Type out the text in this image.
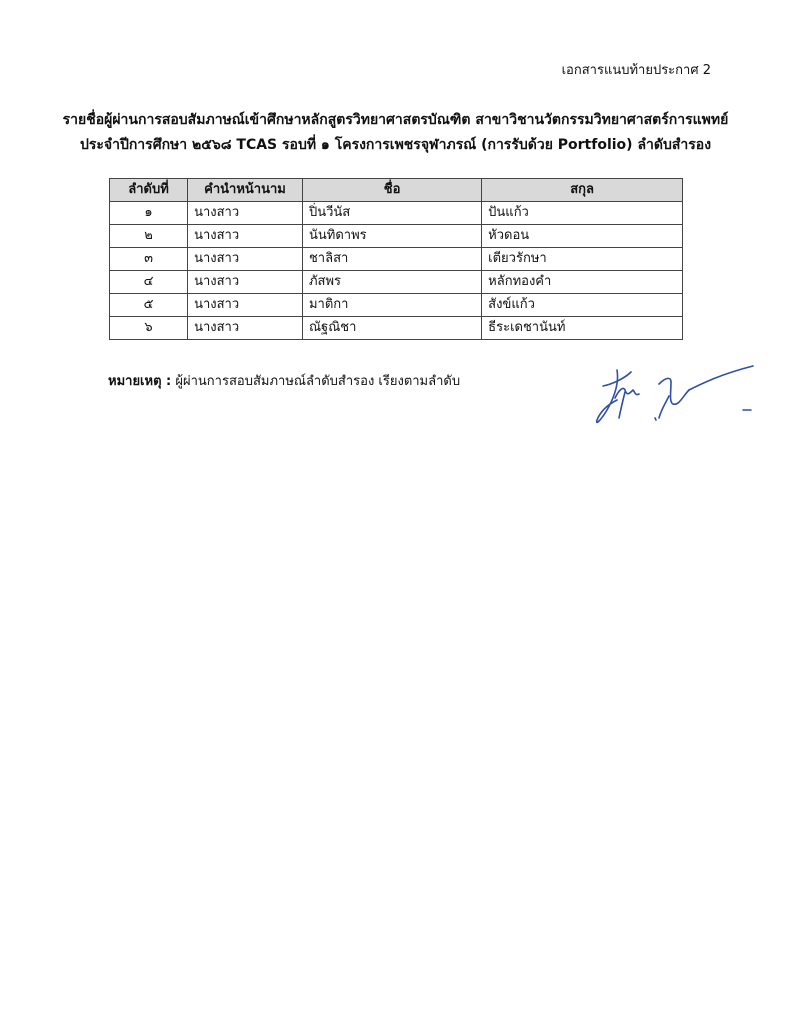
เอกสารแนบท้ายประกาศ 2
รายชื่อผู้ผ่านการสอบสัมภาษณ์เข้าศึกษาหลักสูตรวิทยาศาสตรบัณฑิต สาขาวิชานวัตกรรมวิทยาศาสตร์การแพทย์
ประจำปีการศึกษา ๒๕๖๘ TCAS รอบที่ ๑ โครงการเพชรจุฬาภรณ์ (การรับด้วย Portfolio) ลำดับสำรอง
ลำดับที่	คำนำหน้านาม	ชื่อ	สกุล
๑	นางสาว	ปิ่นวีนัส	ปันแก้ว
๒	นางสาว	นันทิดาพร	หัวดอน
๓	นางสาว	ชาลิสา	เตียวรักษา
๔	นางสาว	ภัสพร	หลักทองคำ
๕	นางสาว	มาติกา	สังข์แก้ว
๖	นางสาว	ณัฐณิชา	ธีระเดชานันท์
หมายเหตุ : ผู้ผ่านการสอบสัมภาษณ์ลำดับสำรอง เรียงตามลำดับ
